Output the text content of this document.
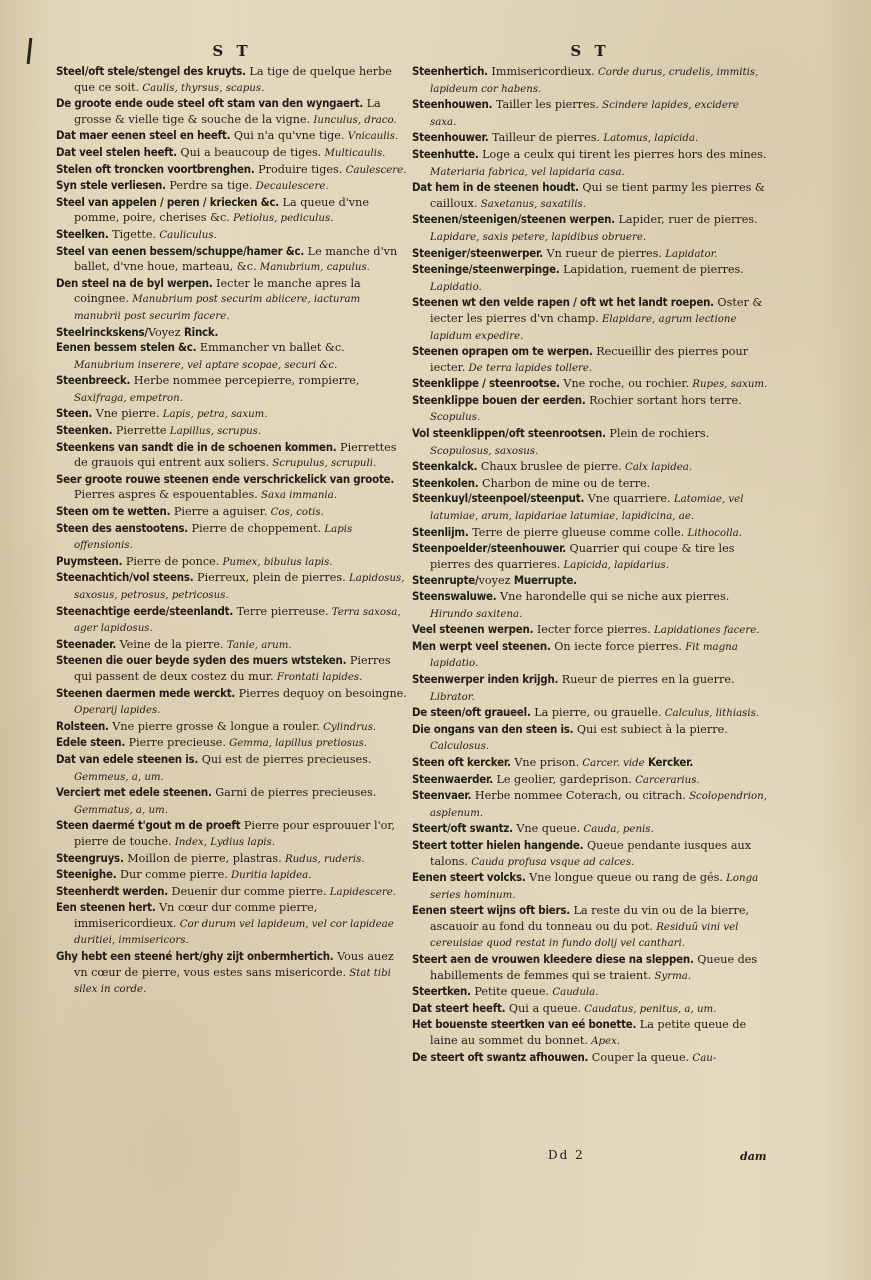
S T

Steel/oft stele/stengel des kruyts. La tige de quelque herbe que ce soit. Caulis, thyrsus, scapus.

De groote ende oude steel oft stam van den wyngaert. La grosse & vielle tige & souche de la vigne. Iunculus, draco.

Dat maer eenen steel en heeft. Qui n'a qu'vne tige. Vnicaulis.

Dat veel stelen heeft. Qui a beaucoup de tiges. Multicaulis.

Stelen oft troncken voortbrenghen. Produire tiges. Caulescere.

Syn stele verliesen. Perdre sa tige. Decaulescere.

Steel van appelen / peren / kriecken &c. La queue d'vne pomme, poire, cherises &c. Petiolus, pediculus.

Steelken. Tigette. Cauliculus.

Steel van eenen bessem/schuppe/hamer &c. Le manche d'vn ballet, d'vne houe, marteau, &c. Manubrium, capulus.

Den steel na de byl werpen. Iecter le manche apres la coingnee. Manubrium post securim abiicere, iacturam manubrii post securim facere.

Steelrinckskens/Voyez Rinck.

Eenen bessem stelen &c. Emmancher vn ballet &c. Manubrium inserere, vel aptare scopae, securi &c.

Steenbreeck. Herbe nommee percepierre, rompierre, Saxifraga, empetron.

Steen. Vne pierre. Lapis, petra, saxum.

Steenken. Pierrette Lapillus, scrupus.

Steenkens van sandt die in de schoenen kommen. Pierrettes de grauois qui entrent aux soliers. Scrupulus, scrupuli.

Seer groote rouwe steenen ende verschrickelick van groote. Pierres aspres & espouentables. Saxa immania.

Steen om te wetten. Pierre a aguiser. Cos, cotis.

Steen des aenstootens. Pierre de choppement. Lapis offensionis.

Puymsteen. Pierre de ponce. Pumex, bibulus lapis.

Steenachtich/vol steens. Pierreux, plein de pierres. Lapidosus, saxosus, petrosus, petricosus.

Steenachtige eerde/steenlandt. Terre pierreuse. Terra saxosa, ager lapidosus.

Steenader. Veine de la pierre. Tanie, arum.

Steenen die ouer beyde syden des muers wtsteken. Pierres qui passent de deux costez du mur. Frontati lapides.

Steenen daermen mede werckt. Pierres dequoy on besoingne. Operarij lapides.

Rolsteen. Vne pierre grosse & longue a rouler. Cylindrus.

Edele steen. Pierre precieuse. Gemma, lapillus pretiosus.

Dat van edele steenen is. Qui est de pierres precieuses. Gemmeus, a, um.

Verciert met edele steenen. Garni de pierres precieuses. Gemmatus, a, um.

Steen daermé t'gout m de proeft Pierre pour esprouuer l'or, pierre de touche. Index, Lydius lapis.

Steengruys. Moillon de pierre, plastras. Rudus, ruderis.

Steenighe. Dur comme pierre. Duritia lapidea.

Steenherdt werden. Deuenir dur comme pierre. Lapidescere.

Een steenen hert. Vn cœur dur comme pierre, immisericordieux. Cor durum vel lapideum, vel cor lapideae duritiei, immisericors.

Ghy hebt een steené hert/ghy zijt onbermhertich. Vous auez vn cœur de pierre, vous estes sans misericorde. Stat tibi silex in corde.

S T

Steenhertich. Immisericordieux. Corde durus, crudelis, immitis, lapideum cor habens.

Steenhouwen. Tailler les pierres. Scindere lapides, excidere saxa.

Steenhouwer. Tailleur de pierres. Latomus, lapicida.

Steenhutte. Loge a ceulx qui tirent les pierres hors des mines. Materiaria fabrica, vel lapidaria casa.

Dat hem in de steenen houdt. Qui se tient parmy les pierres & cailloux. Saxetanus, saxatilis.

Steenen/steenigen/steenen werpen. Lapider, ruer de pierres. Lapidare, saxis petere, lapidibus obruere.

Steeniger/steenwerper. Vn rueur de pierres. Lapidator.

Steeninge/steenwerpinge. Lapidation, ruement de pierres. Lapidatio.

Steenen wt den velde rapen / oft wt het landt roepen. Oster & iecter les pierres d'vn champ. Elapidare, agrum lectione lapidum expedire.

Steenen oprapen om te werpen. Recueillir des pierres pour iecter. De terra lapides tollere.

Steenklippe / steenrootse. Vne roche, ou rochier. Rupes, saxum.

Steenklippe bouen der eerden. Rochier sortant hors terre. Scopulus.

Vol steenklippen/oft steenrootsen. Plein de rochiers. Scopulosus, saxosus.

Steenkalck. Chaux bruslee de pierre. Calx lapidea.

Steenkolen. Charbon de mine ou de terre.

Steenkuyl/steenpoel/steenput. Vne quarriere. Latomiae, vel latumiae, arum, lapidariae latumiae, lapidicina, ae.

Steenlijm. Terre de pierre glueuse comme colle. Lithocolla.

Steenpoelder/steenhouwer. Quarrier qui coupe & tire les pierres des quarrieres. Lapicida, lapidarius.

Steenrupte/voyez Muerrupte.

Steenswaluwe. Vne harondelle qui se niche aux pierres. Hirundo saxitena.

Veel steenen werpen. Iecter force pierres. Lapidationes facere.

Men werpt veel steenen. On iecte force pierres. Fit magna lapidatio.

Steenwerper inden krijgh. Rueur de pierres en la guerre. Librator.

De steen/oft graueel. La pierre, ou grauelle. Calculus, lithiasis.

Die ongans van den steen is. Qui est subiect à la pierre. Calculosus.

Steen oft kercker. Vne prison. Carcer. vide Kercker.

Steenwaerder. Le geolier, gardeprison. Carcerarius.

Steenvaer. Herbe nommee Coterach, ou citrach. Scolopendrion, asplenum.

Steert/oft swantz. Vne queue. Cauda, penis.

Steert totter hielen hangende. Queue pendante iusques aux talons. Cauda profusa vsque ad calces.

Eenen steert volcks. Vne longue queue ou rang de gés. Longa series hominum.

Eenen steert wijns oft biers. La reste du vin ou de la bierre, ascauoir au fond du tonneau ou du pot. Residuũ vini vel cereuisiae quod restat in fundo dolij vel canthari.

Steert aen de vrouwen kleedere diese na sleppen. Queue des habillements de femmes qui se traient. Syrma.

Steertken. Petite queue. Caudula.

Dat steert heeft. Qui a queue. Caudatus, penitus, a, um.

Het bouenste steertken van eé bonette. La petite queue de laine au sommet du bonnet. Apex.

De steert oft swantz afhouwen. Couper la queue. Cau-

Dd 2	dam
